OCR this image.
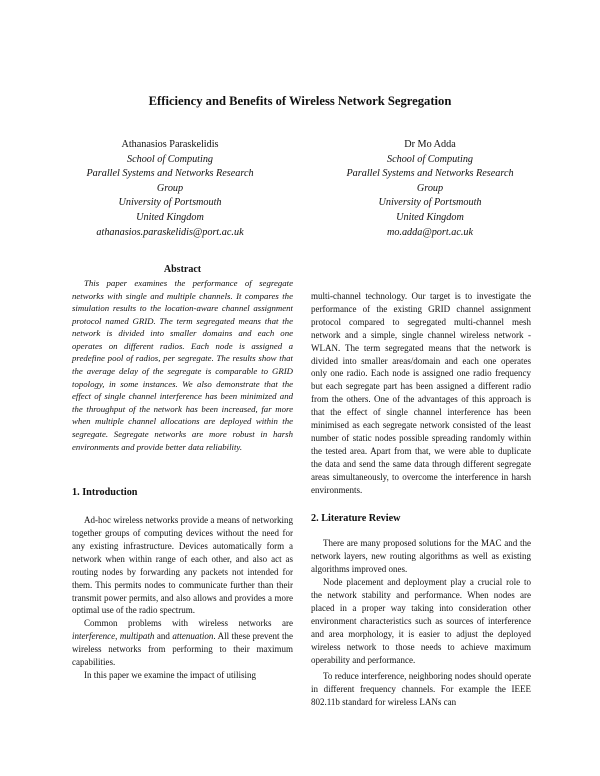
Efficiency and Benefits of Wireless Network Segregation
Athanasios Paraskelidis
School of Computing
Parallel Systems and Networks Research
Group
University of Portsmouth
United Kingdom
athanasios.paraskelidis@port.ac.uk
Dr Mo Adda
School of Computing
Parallel Systems and Networks Research
Group
University of Portsmouth
United Kingdom
mo.adda@port.ac.uk

Abstract

This paper examines the performance of segregate networks with single and multiple channels. It compares the simulation results to the location-aware channel assignment protocol named GRID. The term segregated means that the network is divided into smaller domains and each one operates on different radios. Each node is assigned a predefine pool of radios, per segregate. The results show that the average delay of the segregate is comparable to GRID topology, in some instances. We also demonstrate that the effect of single channel interference has been minimized and the throughput of the network has been increased, far more when multiple channel allocations are deployed within the segregate. Segregate networks are more robust in harsh environments and provide better data reliability.

1. Introduction

Ad-hoc wireless networks provide a means of networking together groups of computing devices without the need for any existing infrastructure. Devices automatically form a network when within range of each other, and also act as routing nodes by forwarding any packets not intended for them. This permits nodes to communicate further than their transmit power permits, and also allows and provides a more optimal use of the radio spectrum.

Common problems with wireless networks are interference, multipath and attenuation. All these prevent the wireless networks from performing to their maximum capabilities.

In this paper we examine the impact of utilising

multi-channel technology. Our target is to investigate the performance of the existing GRID channel assignment protocol compared to segregated multi-channel mesh network and a simple, single channel wireless network - WLAN. The term segregated means that the network is divided into smaller areas/domain and each one operates only one radio. Each node is assigned one radio frequency but each segregate part has been assigned a different radio from the others. One of the advantages of this approach is that the effect of single channel interference has been minimised as each segregate network consisted of the least number of static nodes possible spreading randomly within the tested area. Apart from that, we were able to duplicate the data and send the same data through different segregate areas simultaneously, to overcome the interference in harsh environments.

2. Literature Review

There are many proposed solutions for the MAC and the network layers, new routing algorithms as well as existing algorithms improved ones.

Node placement and deployment play a crucial role to the network stability and performance. When nodes are placed in a proper way taking into consideration other environment characteristics such as sources of interference and area morphology, it is easier to adjust the deployed wireless network to those needs to achieve maximum operability and performance.

To reduce interference, neighboring nodes should operate in different frequency channels. For example the IEEE 802.11b standard for wireless LANs can
